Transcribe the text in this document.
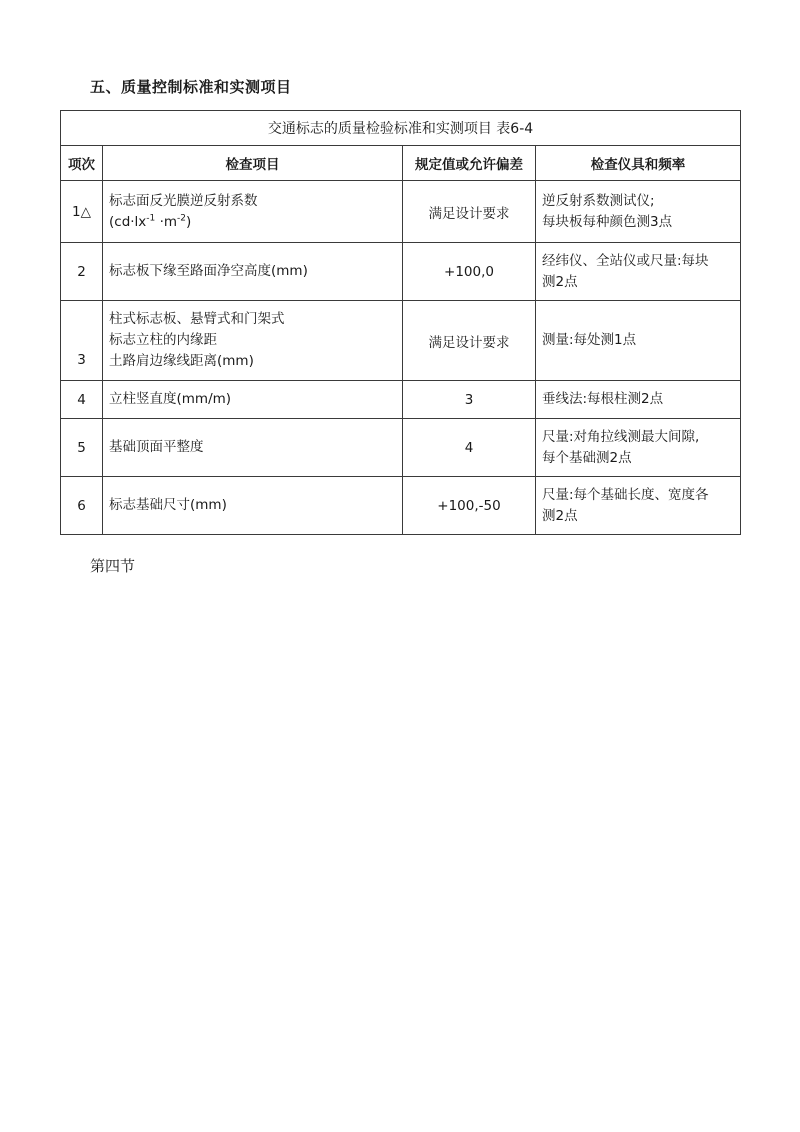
五、质量控制标准和实测项目
交通标志的质量检验标准和实测项目 表6-4			
项次	检查项目	规定值或允许偏差	检查仪具和频率
1△	标志面反光膜逆反射系数
$(cd\cdot lx^{-1} \cdot m^{-2})$	满足设计要求	逆反射系数测试仪;
每块板每种颜色测3点

2	标志板下缘至路面净空高度(mm)	+100,0	经纬仪、全站仪或尺量:每块
测2点

3	柱式标志板、悬臂式和门架式
标志立柱的内缘距
土路肩边缘线距离(mm)	满足设计要求	测量:每处测1点

4	立柱竖直度(mm/m)	3	垂线法:每根柱测2点

5	基础顶面平整度	4	尺量:对角拉线测最大间隙,
每个基础测2点

6	标志基础尺寸(mm)	+100,-50	尺量:每个基础长度、宽度各
测2点
第四节
